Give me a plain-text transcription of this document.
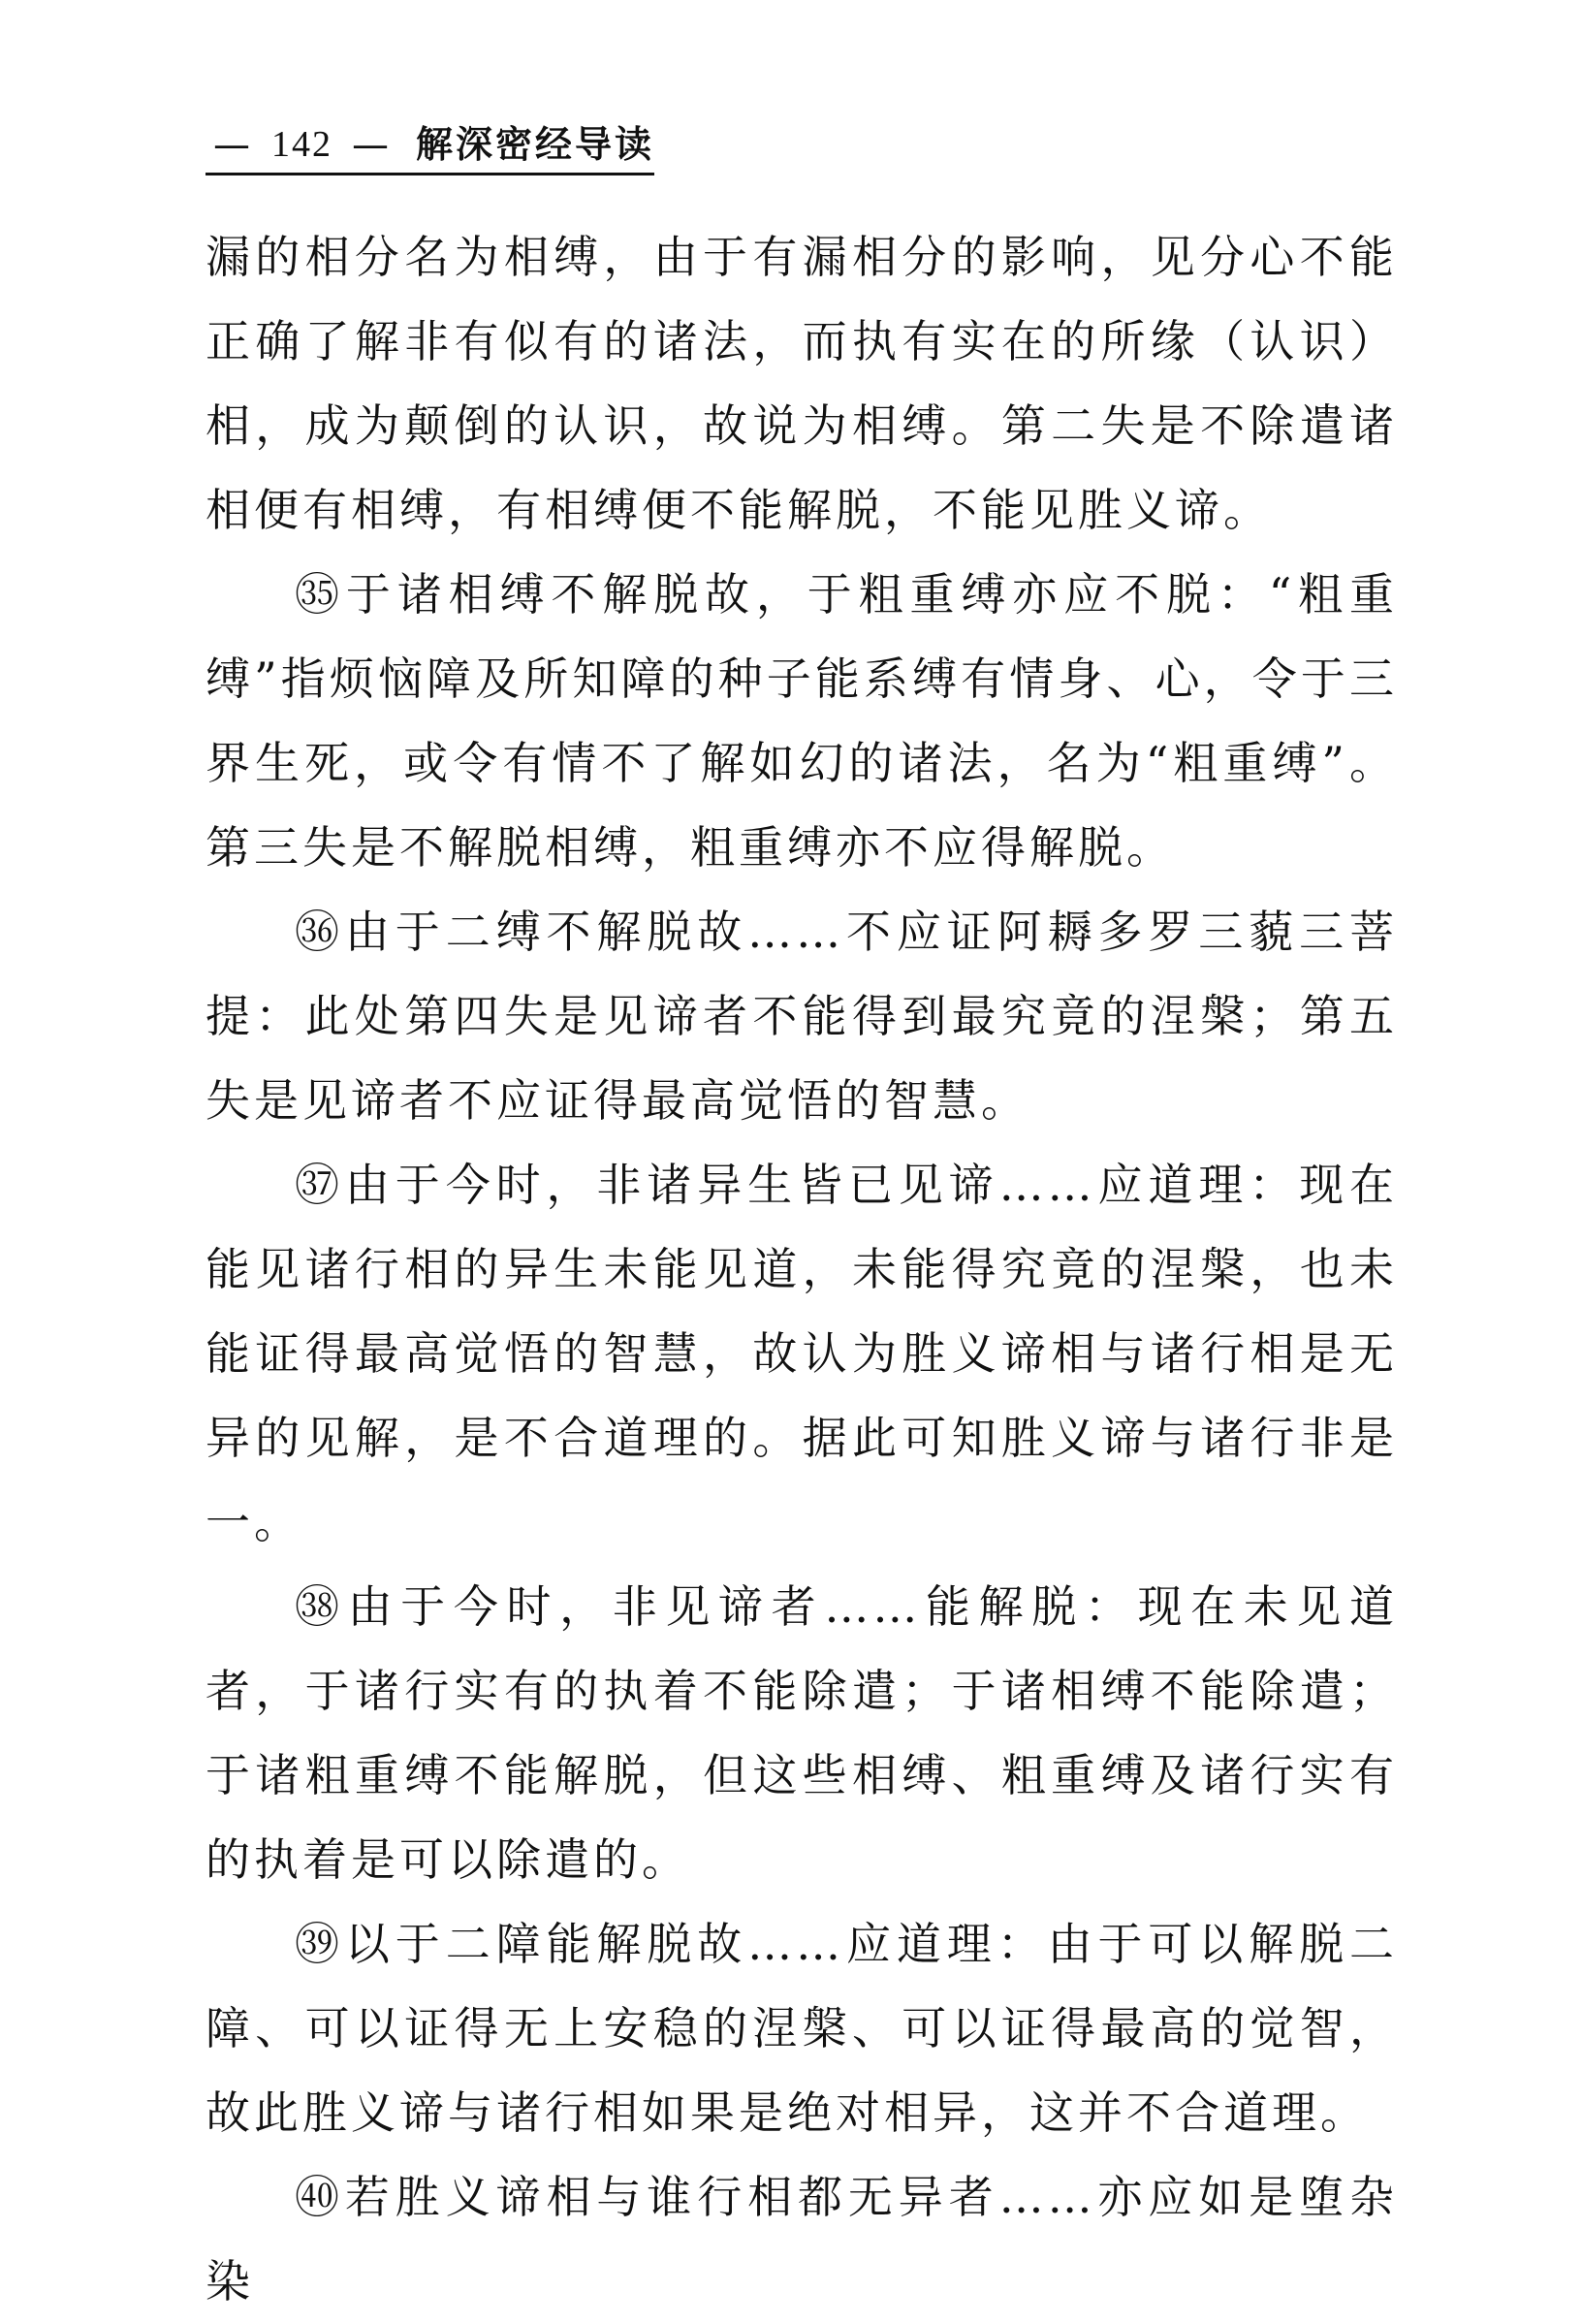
— 142 — 解深密经导读

漏的相分名为相缚，由于有漏相分的影响，见分心不能正确了解非有似有的诸法，而执有实在的所缘（认识）相，成为颠倒的认识，故说为相缚。第二失是不除遣诸相便有相缚，有相缚便不能解脱，不能见胜义谛。

㉟于诸相缚不解脱故，于粗重缚亦应不脱：“粗重缚”指烦恼障及所知障的种子能系缚有情身、心，令于三界生死，或令有情不了解如幻的诸法，名为“粗重缚”。第三失是不解脱相缚，粗重缚亦不应得解脱。

㊱由于二缚不解脱故……不应证阿耨多罗三藐三菩提：此处第四失是见谛者不能得到最究竟的涅槃；第五失是见谛者不应证得最高觉悟的智慧。

㊲由于今时，非诸异生皆已见谛……应道理：现在能见诸行相的异生未能见道，未能得究竟的涅槃，也未能证得最高觉悟的智慧，故认为胜义谛相与诸行相是无异的见解，是不合道理的。据此可知胜义谛与诸行非是一。

㊳由于今时，非见谛者……能解脱：现在未见道者，于诸行实有的执着不能除遣；于诸相缚不能除遣；于诸粗重缚不能解脱，但这些相缚、粗重缚及诸行实有的执着是可以除遣的。

㊴以于二障能解脱故……应道理：由于可以解脱二障、可以证得无上安稳的涅槃、可以证得最高的觉智，故此胜义谛与诸行相如果是绝对相异，这并不合道理。

㊵若胜义谛相与谁行相都无异者……亦应如是堕杂染
